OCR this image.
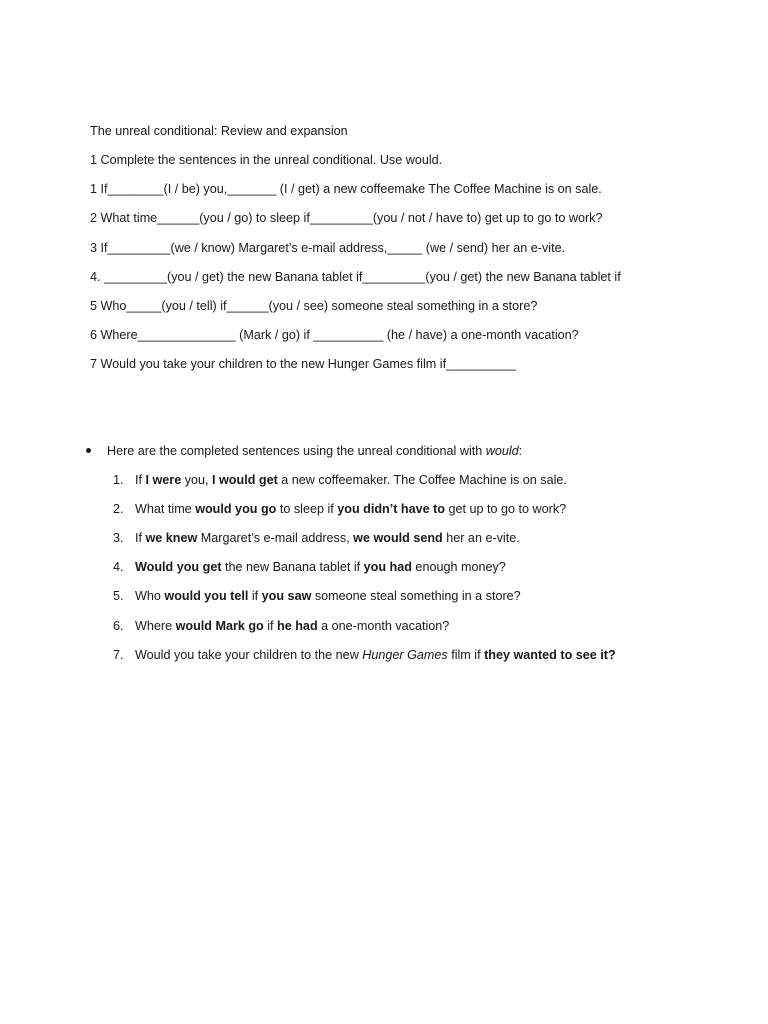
The unreal conditional: Review and expansion
1 Complete the sentences in the unreal conditional. Use would.
1 If________(I / be) you,_______ (I / get) a new coffeemake The Coffee Machine is on sale.
2 What time______(you / go) to sleep if_________(you / not / have to) get up to go to work?
3 If_________(we / know) Margaret’s e-mail address,_____ (we / send) her an e-vite.
4. _________(you / get) the new Banana tablet if_________(you / get) the new Banana tablet if
5 Who_____(you / tell) if______(you / see) someone steal something in a store?
6 Where______________ (Mark / go) if __________ (he / have) a one-month vacation?
7 Would you take your children to the new Hunger Games film if__________
Here are the completed sentences using the unreal conditional with would:
1. If I were you, I would get a new coffeemaker. The Coffee Machine is on sale.
2. What time would you go to sleep if you didn’t have to get up to go to work?
3. If we knew Margaret’s e-mail address, we would send her an e-vite.
4. Would you get the new Banana tablet if you had enough money?
5. Who would you tell if you saw someone steal something in a store?
6. Where would Mark go if he had a one-month vacation?
7. Would you take your children to the new Hunger Games film if they wanted to see it?
